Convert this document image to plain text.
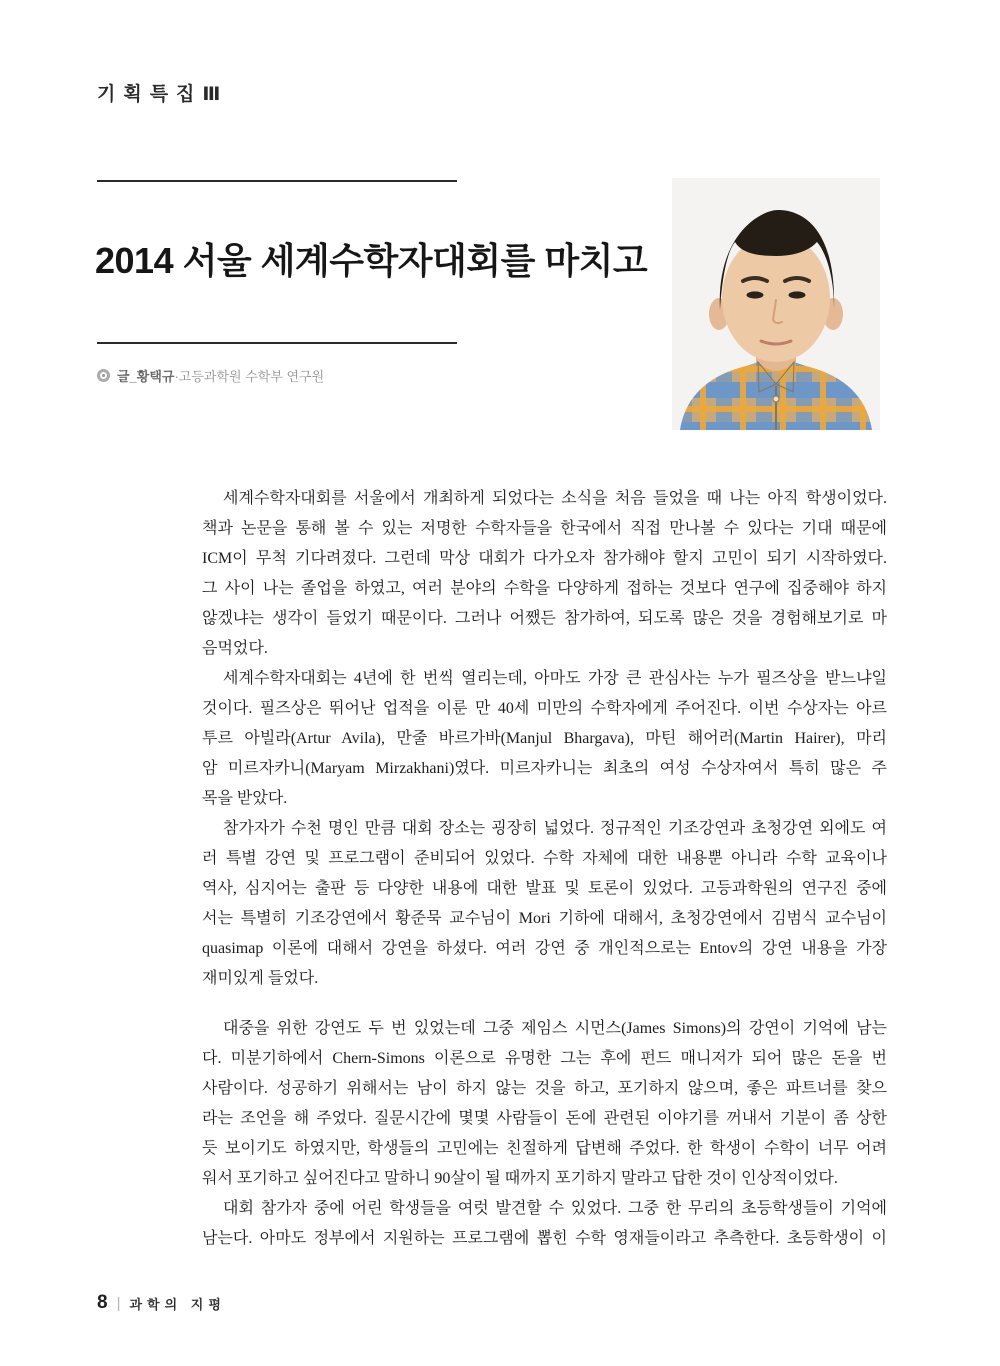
기획특집Ⅲ
2014 서울 세계수학자대회를 마치고
글_황택규·고등과학원 수학부 연구원
세계수학자대회를 서울에서 개최하게 되었다는 소식을 처음 들었을 때 나는 아직 학생이었다.
책과 논문을 통해 볼 수 있는 저명한 수학자들을 한국에서 직접 만나볼 수 있다는 기대 때문에
ICM이 무척 기다려졌다. 그런데 막상 대회가 다가오자 참가해야 할지 고민이 되기 시작하였다.
그 사이 나는 졸업을 하였고, 여러 분야의 수학을 다양하게 접하는 것보다 연구에 집중해야 하지
않겠냐는 생각이 들었기 때문이다. 그러나 어쨌든 참가하여, 되도록 많은 것을 경험해보기로 마
음먹었다.
세계수학자대회는 4년에 한 번씩 열리는데, 아마도 가장 큰 관심사는 누가 필즈상을 받느냐일
것이다. 필즈상은 뛰어난 업적을 이룬 만 40세 미만의 수학자에게 주어진다. 이번 수상자는 아르
투르 아빌라(Artur Avila), 만줄 바르가바(Manjul Bhargava), 마틴 해어러(Martin Hairer), 마리
암 미르자카니(Maryam Mirzakhani)였다. 미르자카니는 최초의 여성 수상자여서 특히 많은 주
목을 받았다.
참가자가 수천 명인 만큼 대회 장소는 굉장히 넓었다. 정규적인 기조강연과 초청강연 외에도 여
러 특별 강연 및 프로그램이 준비되어 있었다. 수학 자체에 대한 내용뿐 아니라 수학 교육이나
역사, 심지어는 출판 등 다양한 내용에 대한 발표 및 토론이 있었다. 고등과학원의 연구진 중에
서는 특별히 기조강연에서 황준묵 교수님이 Mori 기하에 대해서, 초청강연에서 김범식 교수님이
quasimap 이론에 대해서 강연을 하셨다. 여러 강연 중 개인적으로는 Entov의 강연 내용을 가장
재미있게 들었다.
대중을 위한 강연도 두 번 있었는데 그중 제임스 시먼스(James Simons)의 강연이 기억에 남는
다. 미분기하에서 Chern-Simons 이론으로 유명한 그는 후에 펀드 매니저가 되어 많은 돈을 번
사람이다. 성공하기 위해서는 남이 하지 않는 것을 하고, 포기하지 않으며, 좋은 파트너를 찾으
라는 조언을 해 주었다. 질문시간에 몇몇 사람들이 돈에 관련된 이야기를 꺼내서 기분이 좀 상한
듯 보이기도 하였지만, 학생들의 고민에는 친절하게 답변해 주었다. 한 학생이 수학이 너무 어려
워서 포기하고 싶어진다고 말하니 90살이 될 때까지 포기하지 말라고 답한 것이 인상적이었다.
대회 참가자 중에 어린 학생들을 여럿 발견할 수 있었다. 그중 한 무리의 초등학생들이 기억에
남는다. 아마도 정부에서 지원하는 프로그램에 뽑힌 수학 영재들이라고 추측한다. 초등학생이 이
8 | 과학의 지평
